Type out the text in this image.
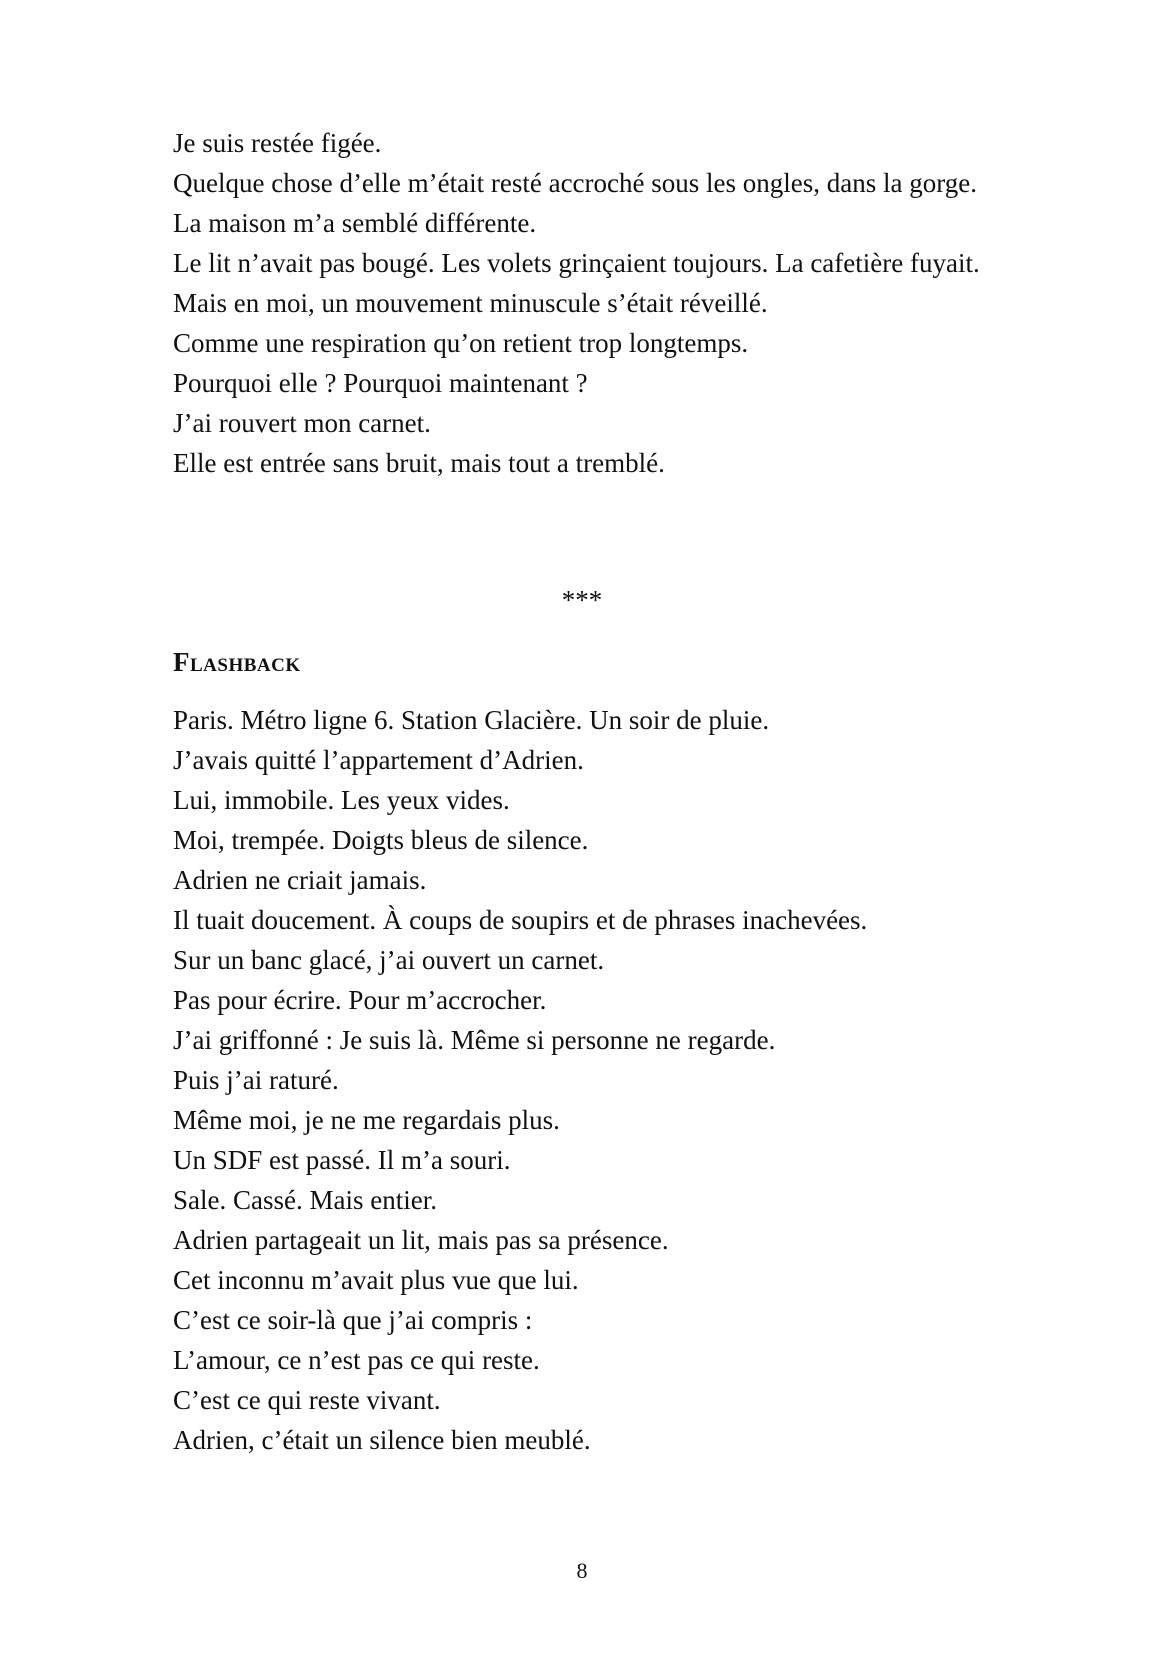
Je suis restée figée.

Quelque chose d’elle m’était resté accroché sous les ongles, dans la gorge.

La maison m’a semblé différente.

Le lit n’avait pas bougé. Les volets grinçaient toujours. La cafetière fuyait.

Mais en moi, un mouvement minuscule s’était réveillé.

Comme une respiration qu’on retient trop longtemps.

Pourquoi elle ? Pourquoi maintenant ?

J’ai rouvert mon carnet.

Elle est entrée sans bruit, mais tout a tremblé.

***
Flashback

Paris. Métro ligne 6. Station Glacière. Un soir de pluie.

J’avais quitté l’appartement d’Adrien.

Lui, immobile. Les yeux vides.

Moi, trempée. Doigts bleus de silence.

Adrien ne criait jamais.

Il tuait doucement. À coups de soupirs et de phrases inachevées.

Sur un banc glacé, j’ai ouvert un carnet.

Pas pour écrire. Pour m’accrocher.

J’ai griffonné : Je suis là. Même si personne ne regarde.

Puis j’ai raturé.

Même moi, je ne me regardais plus.

Un SDF est passé. Il m’a souri.

Sale. Cassé. Mais entier.

Adrien partageait un lit, mais pas sa présence.

Cet inconnu m’avait plus vue que lui.

C’est ce soir-là que j’ai compris :

L’amour, ce n’est pas ce qui reste.

C’est ce qui reste vivant.

Adrien, c’était un silence bien meublé.

8
